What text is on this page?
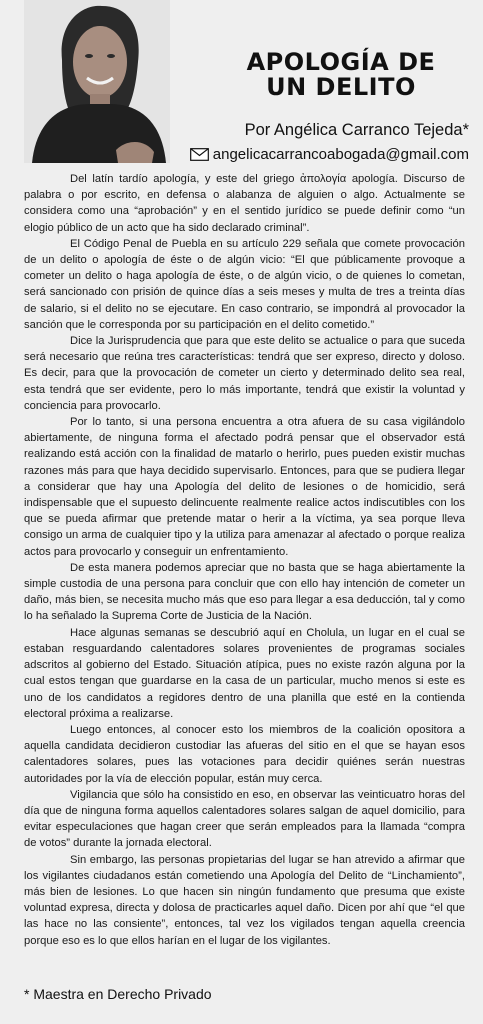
APOLOGÍA DE
UN DELITO
Por Angélica Carranco Tejeda*
angelicacarrancoabogada@gmail.com

Del latín tardío apología, y este del griego ἀπολογία apología. Discurso de palabra o por escrito, en defensa o alabanza de alguien o algo. Actualmente se considera como una “aprobación” y en el sentido jurídico se puede definir como “un elogio público de un acto que ha sido declarado criminal”.

El Código Penal de Puebla en su artículo 229 señala que comete provocación de un delito o apología de éste o de algún vicio: “El que públicamente provoque a cometer un delito o haga apología de éste, o de algún vicio, o de quienes lo cometan, será sancionado con prisión de quince días a seis meses y multa de tres a treinta días de salario, si el delito no se ejecutare. En caso contrario, se impondrá al provocador la sanción que le corresponda por su participación en el delito cometido.”

Dice la Jurisprudencia que para que este delito se actualice o para que suceda será necesario que reúna tres características: tendrá que ser expreso, directo y doloso. Es decir, para que la provocación de cometer un cierto y determinado delito sea real, esta tendrá que ser evidente, pero lo más importante, tendrá que existir la voluntad y conciencia para provocarlo.

Por lo tanto, si una persona encuentra a otra afuera de su casa vigilándolo abiertamente, de ninguna forma el afectado podrá pensar que el observador está realizando está acción con la finalidad de matarlo o herirlo, pues pueden existir muchas razones más para que haya decidido supervisarlo. Entonces, para que se pudiera llegar a considerar que hay una Apología del delito de lesiones o de homicidio, será indispensable que el supuesto delincuente realmente realice actos indiscutibles con los que se pueda afirmar que pretende matar o herir a la víctima, ya sea porque lleva consigo un arma de cualquier tipo y la utiliza para amenazar al afectado o porque realiza actos para provocarlo y conseguir un enfrentamiento.

De esta manera podemos apreciar que no basta que se haga abiertamente la simple custodia de una persona para concluir que con ello hay intención de cometer un daño, más bien, se necesita mucho más que eso para llegar a esa deducción, tal y como lo ha señalado la Suprema Corte de Justicia de la Nación.

Hace algunas semanas se descubrió aquí en Cholula, un lugar en el cual se estaban resguardando calentadores solares provenientes de programas sociales adscritos al gobierno del Estado. Situación atípica, pues no existe razón alguna por la cual estos tengan que guardarse en la casa de un particular, mucho menos si este es uno de los candidatos a regidores dentro de una planilla que esté en la contienda electoral próxima a realizarse.

Luego entonces, al conocer esto los miembros de la coalición opositora a aquella candidata decidieron custodiar las afueras del sitio en el que se hayan esos calentadores solares, pues las votaciones para decidir quiénes serán nuestras autoridades por la vía de elección popular, están muy cerca.

Vigilancia que sólo ha consistido en eso, en observar las veinticuatro horas del día que de ninguna forma aquellos calentadores solares salgan de aquel domicilio, para evitar especulaciones que hagan creer que serán empleados para la llamada “compra de votos” durante la jornada electoral.

Sin embargo, las personas propietarias del lugar se han atrevido a afirmar que los vigilantes ciudadanos están cometiendo una Apología del Delito de “Linchamiento”, más bien de lesiones. Lo que hacen sin ningún fundamento que presuma que existe voluntad expresa, directa y dolosa de practicarles aquel daño. Dicen por ahí que “el que las hace no las consiente”, entonces, tal vez los vigilados tengan aquella creencia porque eso es lo que ellos harían en el lugar de los vigilantes.

* Maestra en Derecho Privado
